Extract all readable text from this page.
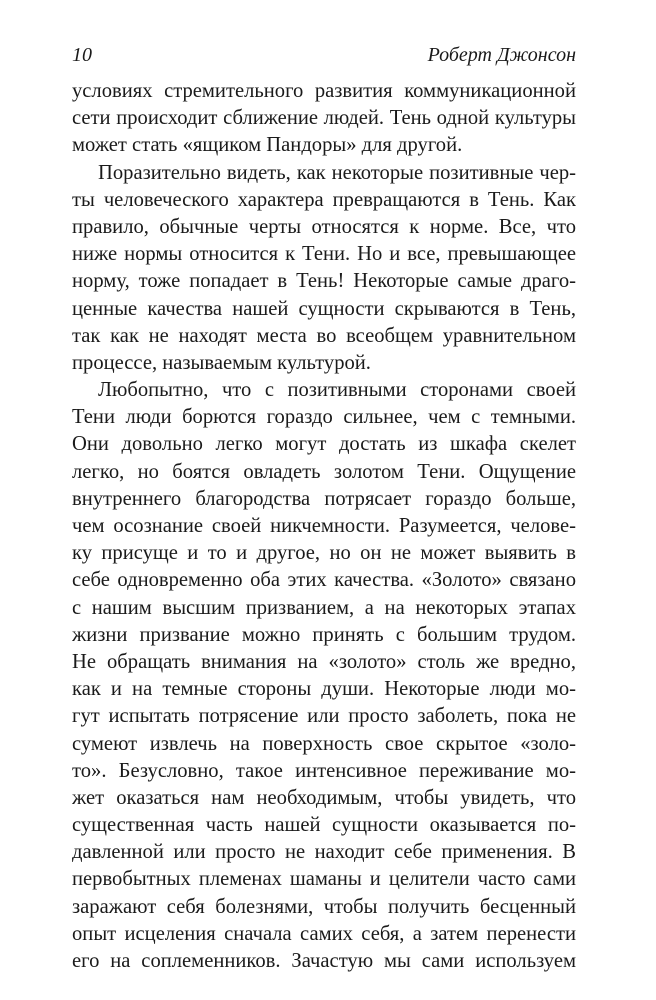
10	Роберт Джонсон
условиях стремительного развития коммуникационной
сети происходит сближение людей. Тень одной культуры
может стать «ящиком Пандоры» для другой.
Поразительно видеть, как некоторые позитивные чер-
ты человеческого характера превращаются в Тень. Как
правило, обычные черты относятся к норме. Все, что
ниже нормы относится к Тени. Но и все, превышающее
норму, тоже попадает в Тень! Некоторые самые драго-
ценные качества нашей сущности скрываются в Тень,
так как не находят места во всеобщем уравнительном
процессе, называемым культурой.
Любопытно, что с позитивными сторонами своей
Тени люди борются гораздо сильнее, чем с темными.
Они довольно легко могут достать из шкафа скелет
легко, но боятся овладеть золотом Тени. Ощущение
внутреннего благородства потрясает гораздо больше,
чем осознание своей никчемности. Разумеется, челове-
ку присуще и то и другое, но он не может выявить в
себе одновременно оба этих качества. «Золото» связано
с нашим высшим призванием, а на некоторых этапах
жизни призвание можно принять с большим трудом.
Не обращать внимания на «золото» столь же вредно,
как и на темные стороны души. Некоторые люди мо-
гут испытать потрясение или просто заболеть, пока не
сумеют извлечь на поверхность свое скрытое «золо-
то». Безусловно, такое интенсивное переживание мо-
жет оказаться нам необходимым, чтобы увидеть, что
существенная часть нашей сущности оказывается по-
давленной или просто не находит себе применения. В
первобытных племенах шаманы и целители часто сами
заражают себя болезнями, чтобы получить бесценный
опыт исцеления сначала самих себя, а затем перенести
его на соплеменников. Зачастую мы сами используем
